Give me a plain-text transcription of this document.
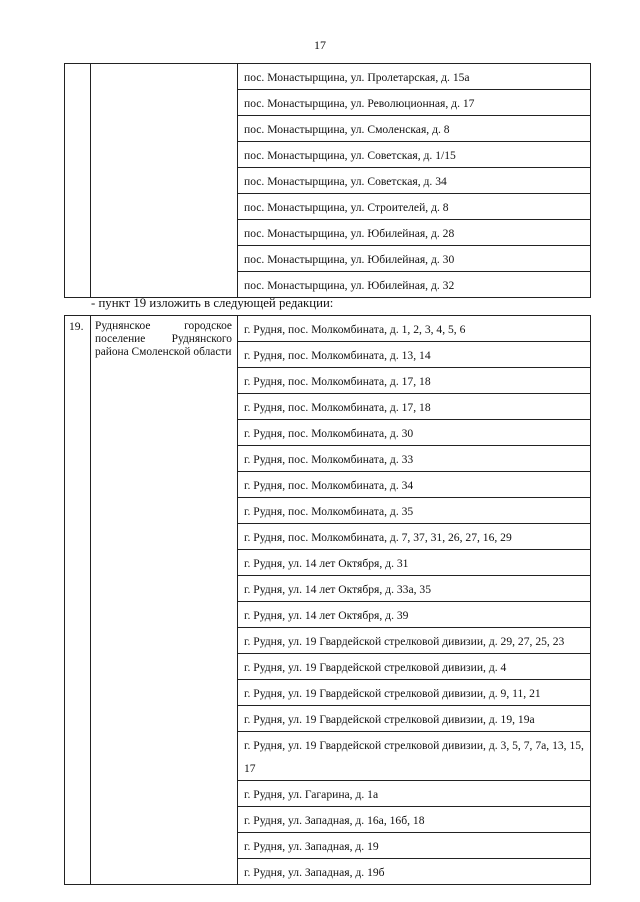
17
		пос. Монастырщина, ул. Пролетарская, д. 15а
пос. Монастырщина, ул. Революционная, д. 17
пос. Монастырщина, ул. Смоленская, д. 8
пос. Монастырщина, ул. Советская, д. 1/15
пос. Монастырщина, ул. Советская, д. 34
пос. Монастырщина, ул. Строителей, д. 8
пос. Монастырщина, ул. Юбилейная, д. 28
пос. Монастырщина, ул. Юбилейная, д. 30
пос. Монастырщина, ул. Юбилейная, д. 32
- пункт 19 изложить в следующей редакции:
19.	Руднянское городское поселение Руднянского района Смоленской области	г. Рудня, пос. Молкомбината, д. 1, 2, 3, 4, 5, 6
г. Рудня, пос. Молкомбината, д. 13, 14
г. Рудня, пос. Молкомбината, д. 17, 18
г. Рудня, пос. Молкомбината, д. 17, 18
г. Рудня, пос. Молкомбината, д. 30
г. Рудня, пос. Молкомбината, д. 33
г. Рудня, пос. Молкомбината, д. 34
г. Рудня, пос. Молкомбината, д. 35
г. Рудня, пос. Молкомбината, д. 7, 37, 31, 26, 27, 16, 29
г. Рудня, ул. 14 лет Октября, д. 31
г. Рудня, ул. 14 лет Октября, д. 33а, 35
г. Рудня, ул. 14 лет Октября, д. 39
г. Рудня, ул. 19 Гвардейской стрелковой дивизии, д. 29, 27, 25, 23
г. Рудня, ул. 19 Гвардейской стрелковой дивизии, д. 4
г. Рудня, ул. 19 Гвардейской стрелковой дивизии, д. 9, 11, 21
г. Рудня, ул. 19 Гвардейской стрелковой дивизии, д. 19, 19а
г. Рудня, ул. 19 Гвардейской стрелковой дивизии, д. 3, 5, 7, 7а, 13, 15, 17
г. Рудня, ул. Гагарина, д. 1а
г. Рудня, ул. Западная, д. 16а, 16б, 18
г. Рудня, ул. Западная, д. 19
г. Рудня, ул. Западная, д. 19б
